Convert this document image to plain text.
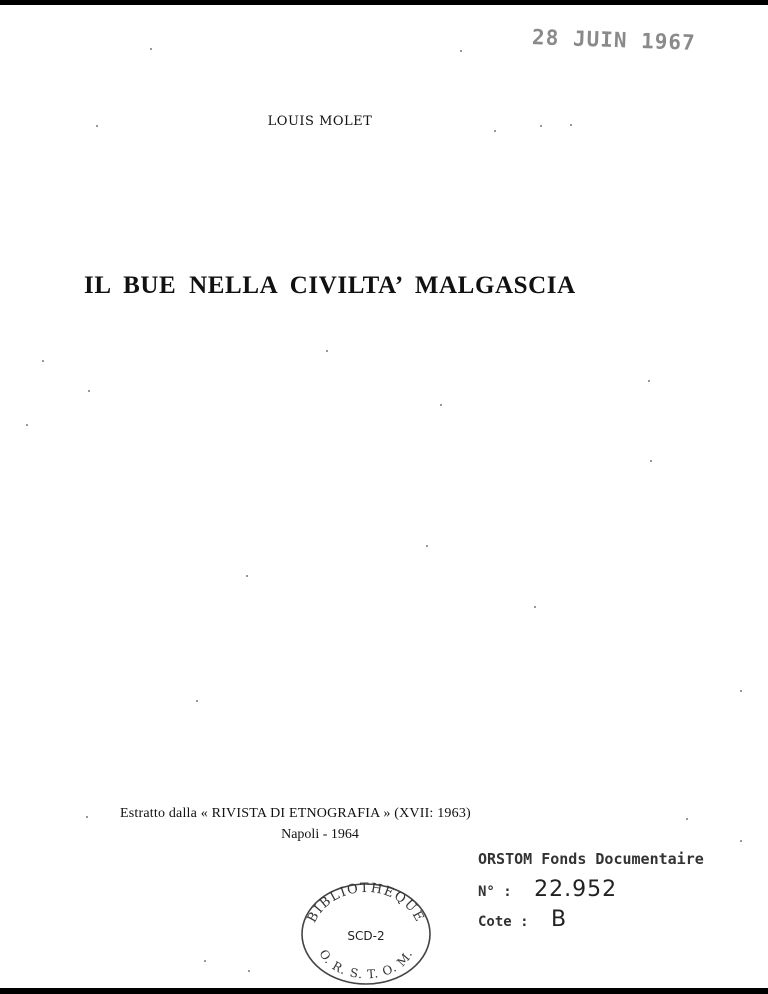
28 JUIN 1967
LOUIS MOLET
IL BUE NELLA CIVILTA’ MALGASCIA
Estratto dalla « RIVISTA DI ETNOGRAFIA » (XVII: 1963)
Napoli - 1964
ORSTOM Fonds Documentaire
N° : 22.952
Cote : B
BIBLIOTHEQUE
SCD-2
O. R. S. T. O. M.
